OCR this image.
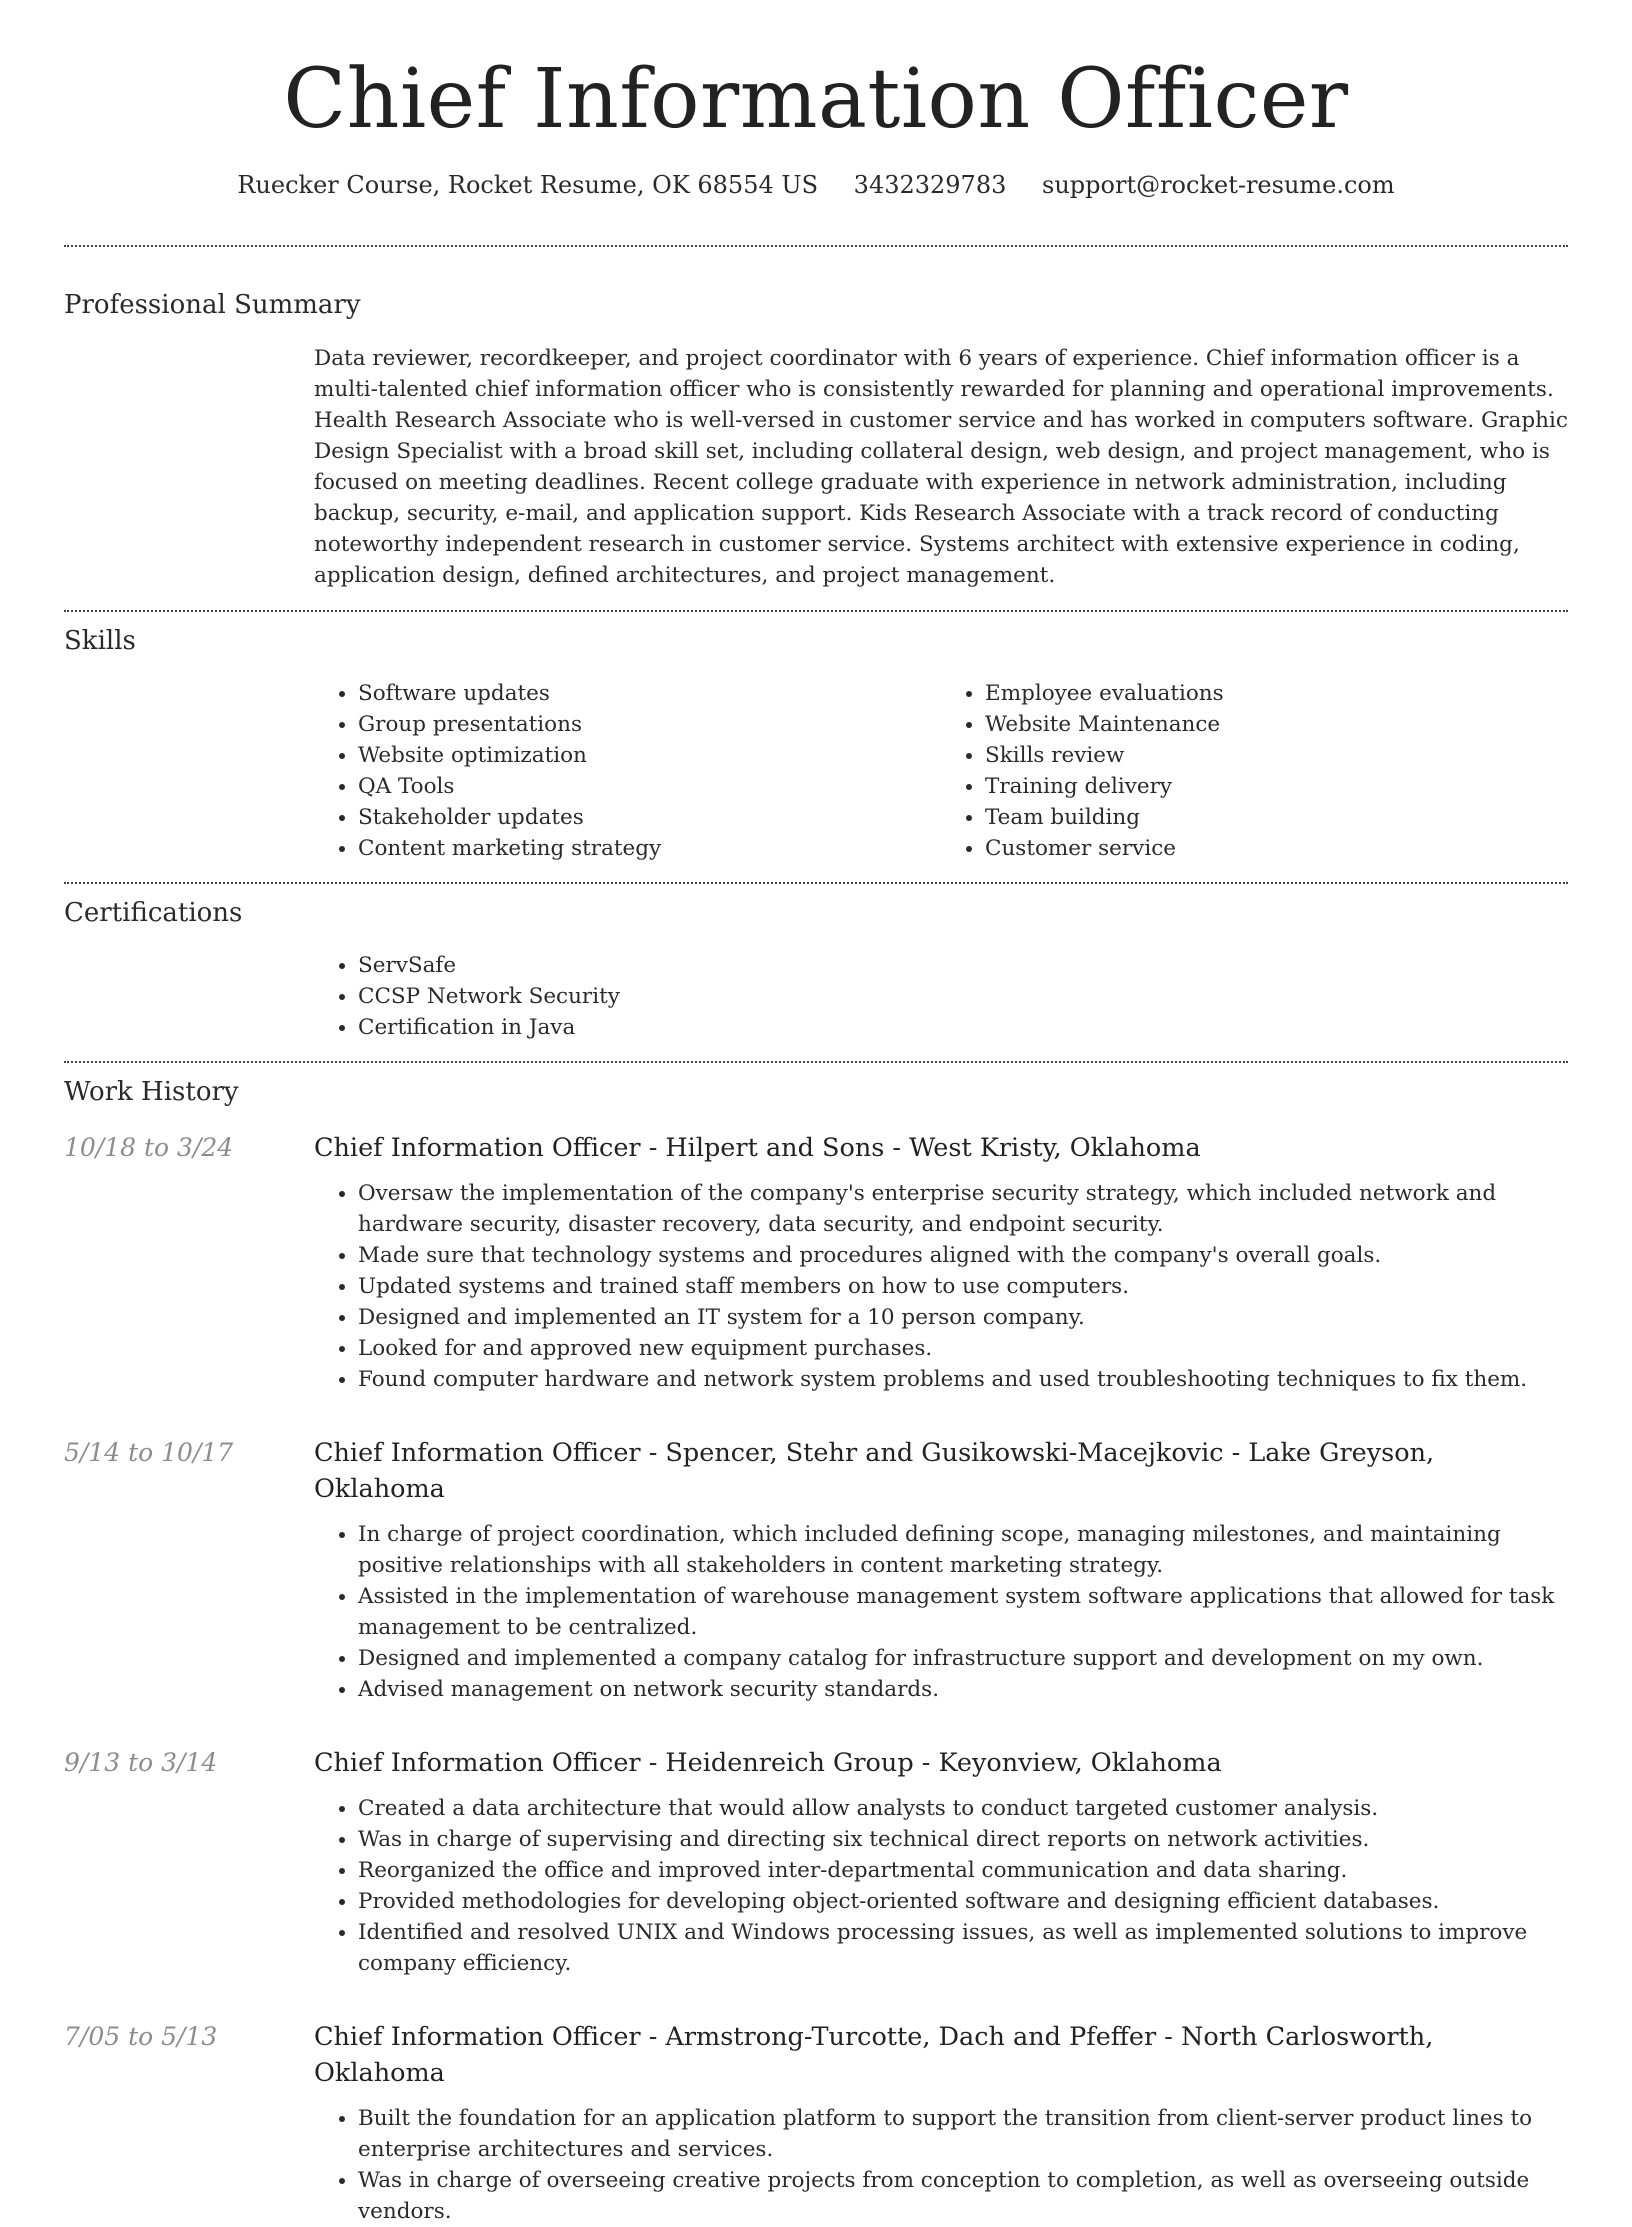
Chief Information Officer
Ruecker Course, Rocket Resume, OK 68554 US 3432329783 support@rocket-resume.com
Professional Summary

Data reviewer, recordkeeper, and project coordinator with 6 years of experience. Chief information officer is a multi-talented chief information officer who is consistently rewarded for planning and operational improvements. Health Research Associate who is well-versed in customer service and has worked in computers software. Graphic Design Specialist with a broad skill set, including collateral design, web design, and project management, who is focused on meeting deadlines. Recent college graduate with experience in network administration, including backup, security, e-mail, and application support. Kids Research Associate with a track record of conducting noteworthy independent research in customer service. Systems architect with extensive experience in coding, application design, defined architectures, and project management.

Skills
• Software updates
• Group presentations
• Website optimization
• QA Tools
• Stakeholder updates
• Content marketing strategy
• Employee evaluations
• Website Maintenance
• Skills review
• Training delivery
• Team building
• Customer service
Certifications
• ServSafe
• CCSP Network Security
• Certification in Java
Work History
10/18 to 3/24	Chief Information Officer - Hilpert and Sons - West Kristy, Oklahoma
• Oversaw the implementation of the company's enterprise security strategy, which included network and hardware security, disaster recovery, data security, and endpoint security.
• Made sure that technology systems and procedures aligned with the company's overall goals.
• Updated systems and trained staff members on how to use computers.
• Designed and implemented an IT system for a 10 person company.
• Looked for and approved new equipment purchases.
• Found computer hardware and network system problems and used troubleshooting techniques to fix them.
5/14 to 10/17	Chief Information Officer - Spencer, Stehr and Gusikowski-Macejkovic - Lake Greyson, Oklahoma
• In charge of project coordination, which included defining scope, managing milestones, and maintaining positive relationships with all stakeholders in content marketing strategy.
• Assisted in the implementation of warehouse management system software applications that allowed for task management to be centralized.
• Designed and implemented a company catalog for infrastructure support and development on my own.
• Advised management on network security standards.
9/13 to 3/14	Chief Information Officer - Heidenreich Group - Keyonview, Oklahoma
• Created a data architecture that would allow analysts to conduct targeted customer analysis.
• Was in charge of supervising and directing six technical direct reports on network activities.
• Reorganized the office and improved inter-departmental communication and data sharing.
• Provided methodologies for developing object-oriented software and designing efficient databases.
• Identified and resolved UNIX and Windows processing issues, as well as implemented solutions to improve company efficiency.
7/05 to 5/13	Chief Information Officer - Armstrong-Turcotte, Dach and Pfeffer - North Carlosworth, Oklahoma
• Built the foundation for an application platform to support the transition from client-server product lines to enterprise architectures and services.
• Was in charge of overseeing creative projects from conception to completion, as well as overseeing outside vendors.
